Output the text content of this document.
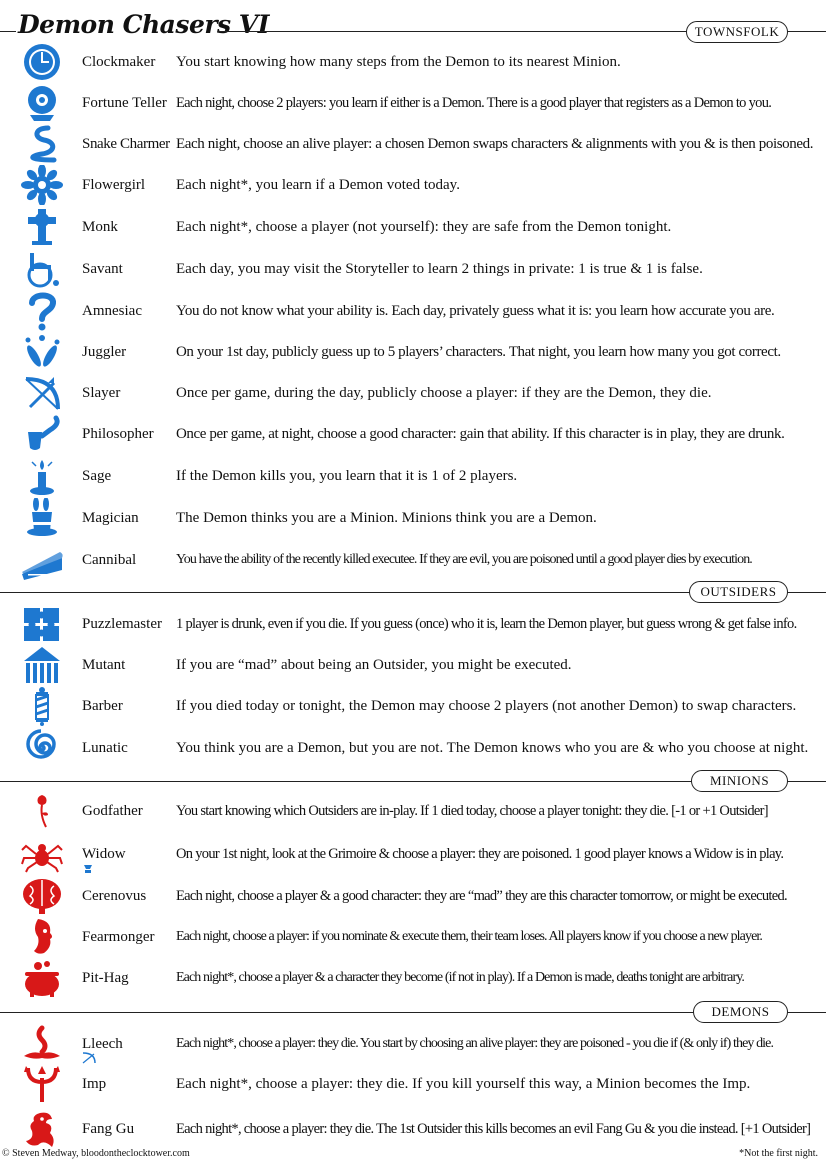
Demon Chasers VI	TOWNSFOLK
Clockmaker You start knowing how many steps from the Demon to its nearest Minion.
Fortune Teller Each night, choose 2 players: you learn if either is a Demon. There is a good player that registers as a Demon to you.
Snake Charmer Each night, choose an alive player: a chosen Demon swaps characters & alignments with you & is then poisoned.
Flowergirl Each night*, you learn if a Demon voted today.
Monk	Each night*, choose a player (not yourself): they are safe from the Demon tonight.
Savant	Each day, you may visit the Storyteller to learn 2 things in private: 1 is true & 1 is false.
Amnesiac You do not know what your ability is. Each day, privately guess what it is: you learn how accurate you are.
Juggler	On your 1st day, publicly guess up to 5 players’ characters. That night, you learn how many you got correct.
Slayer	Once per game, during the day, publicly choose a player: if they are the Demon, they die.
Philosopher Once per game, at night, choose a good character: gain that ability. If this character is in play, they are drunk.
Sage	If the Demon kills you, you learn that it is 1 of 2 players.
Magician The Demon thinks you are a Minion. Minions think you are a Demon.
Cannibal	You have the ability of the recently killed executee. If they are evil, you are poisoned until a good player dies by execution.
OUTSIDERS
Puzzlemaster 1 player is drunk, even if you die. If you guess (once) who it is, learn the Demon player, but guess wrong & get false info.
Mutant	If you are “mad” about being an Outsider, you might be executed.
Barber	If you died today or tonight, the Demon may choose 2 players (not another Demon) to swap characters.
Lunatic	You think you are a Demon, but you are not. The Demon knows who you are & who you choose at night.
MINIONS
Godfather You start knowing which Outsiders are in-play. If 1 died today, choose a player tonight: they die. [-1 or +1 Outsider]
Widow	On your 1st night, look at the Grimoire & choose a player: they are poisoned. 1 good player knows a Widow is in play.
Cerenovus Each night, choose a player & a good character: they are “mad” they are this character tomorrow, or might be executed.
Fearmonger Each night, choose a player: if you nominate & execute them, their team loses. All players know if you choose a new player.
Pit-Hag	Each night*, choose a player & a character they become (if not in play). If a Demon is made, deaths tonight are arbitrary.
DEMONS
Lleech	Each night*, choose a player: they die. You start by choosing an alive player: they are poisoned - you die if (& only if) they die.
Imp	Each night*, choose a player: they die. If you kill yourself this way, a Minion becomes the Imp.
Fang Gu	Each night*, choose a player: they die. The 1st Outsider this kills becomes an evil Fang Gu & you die instead. [+1 Outsider]
© Steven Medway, bloodontheclocktower.com	*Not the first night.
